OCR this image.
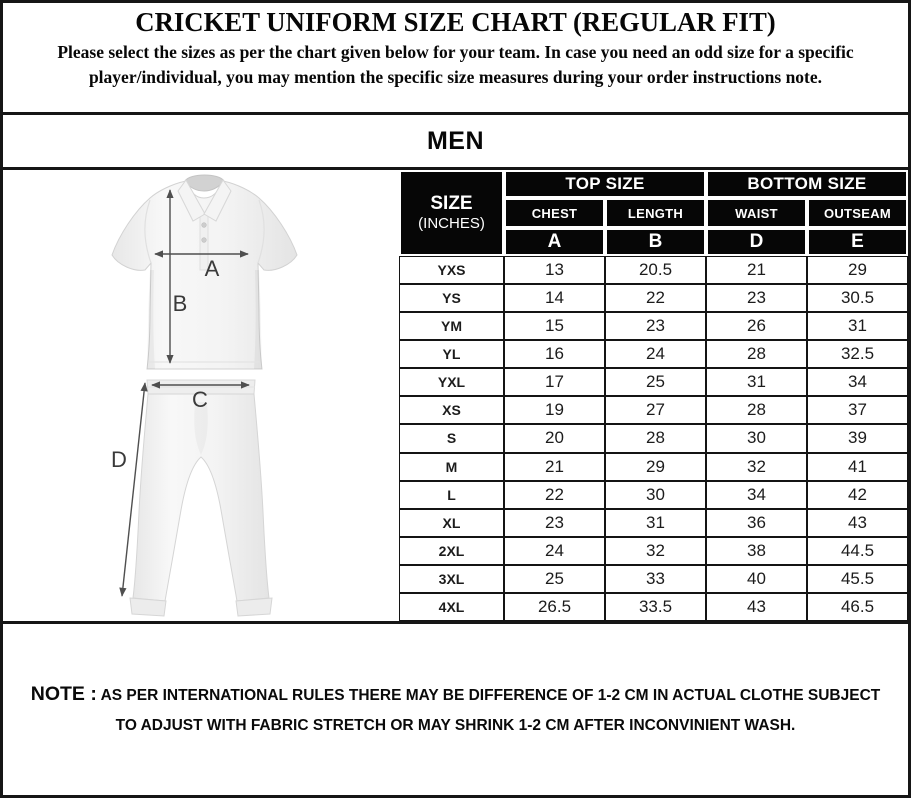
CRICKET UNIFORM SIZE CHART (REGULAR FIT)

Please select the sizes as per the chart given below for your team. In case you need an odd size for a specific player/individual, you may mention the specific size measures during your order instructions note.

MEN
A
B
C
D
SIZE
(INCHES)
TOP SIZE	BOTTOM SIZE
CHEST	LENGTH	WAIST	OUTSEAM
A	B	D	E
YXS	13	20.5	21	29
YS	14	22	23	30.5
YM	15	23	26	31
YL	16	24	28	32.5
YXL	17	25	31	34
XS	19	27	28	37
S	20	28	30	39
M	21	29	32	41
L	22	30	34	42
XL	23	31	36	43
2XL	24	32	38	44.5
3XL	25	33	40	45.5
4XL	26.5	33.5	43	46.5

NOTE : AS PER INTERNATIONAL RULES THERE MAY BE DIFFERENCE OF 1-2 CM IN ACTUAL CLOTHE SUBJECT TO ADJUST WITH FABRIC STRETCH OR MAY SHRINK 1-2 CM AFTER INCONVINIENT WASH.
